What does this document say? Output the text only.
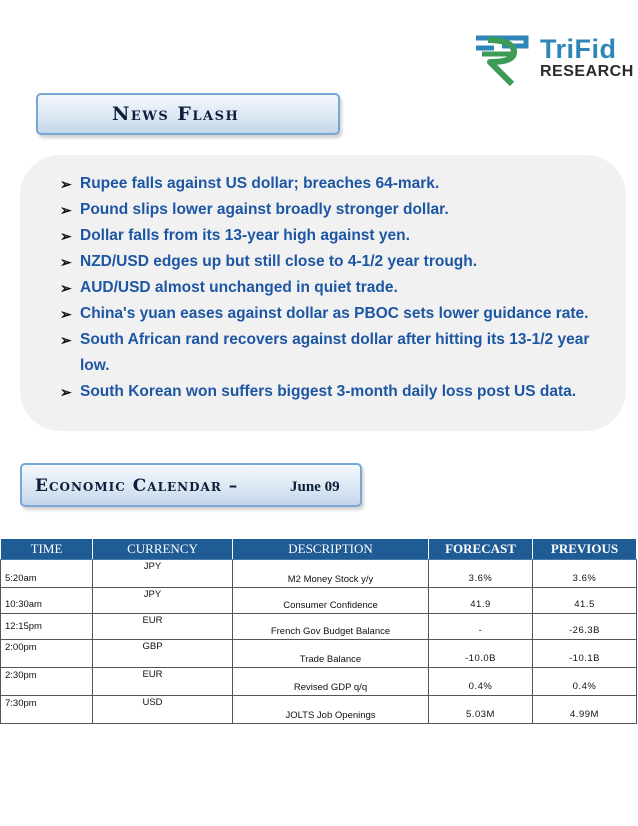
TriFid
RESEARCH
News Flash
➢ Rupee falls against US dollar; breaches 64-mark.
➢ Pound slips lower against broadly stronger dollar.
➢ Dollar falls from its 13-year high against yen.
➢ NZD/USD edges up but still close to 4-1/2 year trough.
➢ AUD/USD almost unchanged in quiet trade.
➢ China's yuan eases against dollar as PBOC sets lower guidance rate.
➢ South African rand recovers against dollar after hitting its 13-1/2 year low.
➢ South Korean won suffers biggest 3-month daily loss post US data.
Economic Calendar –	June 09
TIME	CURRENCY	DESCRIPTION	FORECAST	PREVIOUS
5:20am	JPY	M2 Money Stock y/y	3.6%	3.6%
10:30am	JPY	Consumer Confidence	41.9	41.5
12:15pm	EUR	French Gov Budget Balance	-	-26.3B
2:00pm	GBP	Trade Balance	-10.0B	-10.1B
2:30pm	EUR	Revised GDP q/q	0.4%	0.4%
7:30pm	USD	JOLTS Job Openings	5.03M	4.99M
